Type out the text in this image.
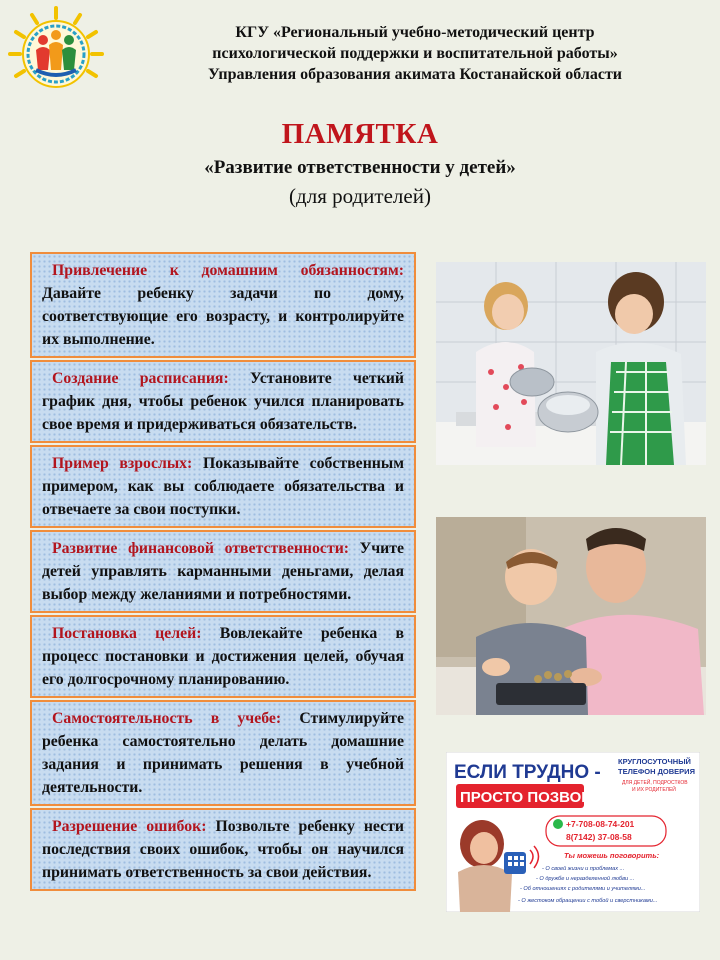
КГУ «Региональный учебно-методический центр
психологической поддержки и воспитательной работы»
Управления образования акимата Костанайской области
ПАМЯТКА
«Развитие ответственности у детей»
(для родителей)
Привлечение к домашним обязанностям: Давайте ребенку задачи по дому, соответствующие его возрасту, и контролируйте их выполнение.
Создание расписания: Установите четкий график дня, чтобы ребенок учился планировать свое время и придерживаться обязательств.
Пример взрослых: Показывайте собственным примером, как вы соблюдаете обязательства и отвечаете за свои поступки.
Развитие финансовой ответственности: Учите детей управлять карманными деньгами, делая выбор между желаниями и потребностями.
Постановка целей: Вовлекайте ребенка в процесс постановки и достижения целей, обучая его долгосрочному планированию.
Самостоятельность в учебе: Стимулируйте ребенка самостоятельно делать домашние задания и принимать решения в учебной деятельности.
Разрешение ошибок: Позвольте ребенку нести последствия своих ошибок, чтобы он научился принимать ответственность за свои действия.
ЕСЛИ ТРУДНО -
ПРОСТО ПОЗВОНИ
КРУГЛОСУТОЧНЫЙ
ТЕЛЕФОН ДОВЕРИЯ
ДЛЯ ДЕТЕЙ, ПОДРОСТКОВ
И ИХ РОДИТЕЛЕЙ
+7-708-08-74-201
8(7142) 37-08-58
Ты можешь поговорить:
- О своей жизни и проблемах ...
- О дружбе и неразделенной любви ...
- Об отношениях с родителями и учителями...
- О жестоком обращении с тобой и сверстниками...
